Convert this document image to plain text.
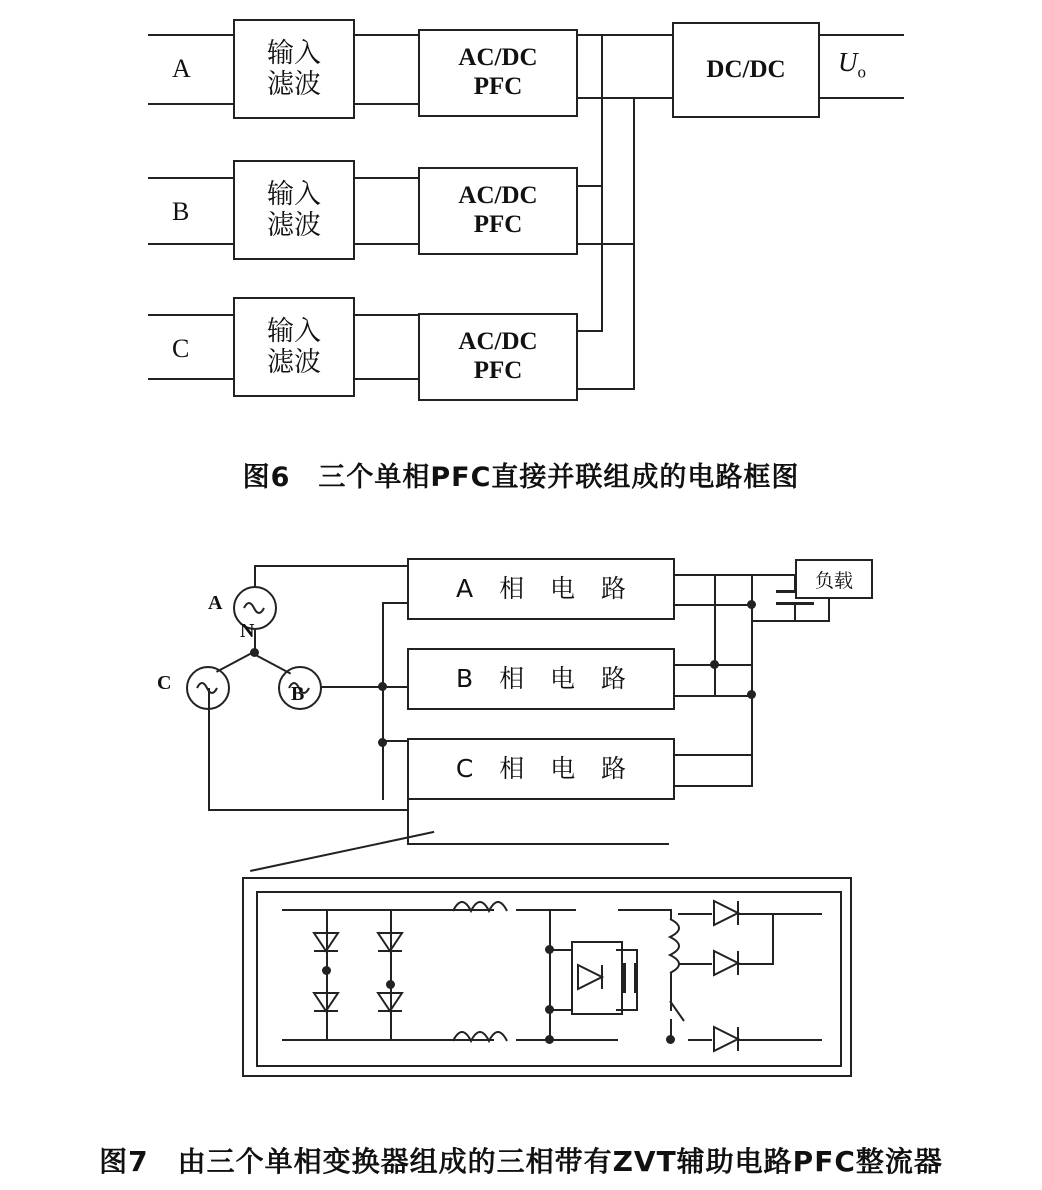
A	输入
滤波
AC/DC
PFC
B
输入
滤波
AC/DC
PFC
C
输入
滤波
AC/DC
PFC
DC/DC $U_o$
图6　三个单相PFC直接并联组成的电路框图
A
B
C
N
A 相 电 路
B 相 电 路
C 相 电 路
负载
图7　由三个单相变换器组成的三相带有ZVT辅助电路PFC整流器
